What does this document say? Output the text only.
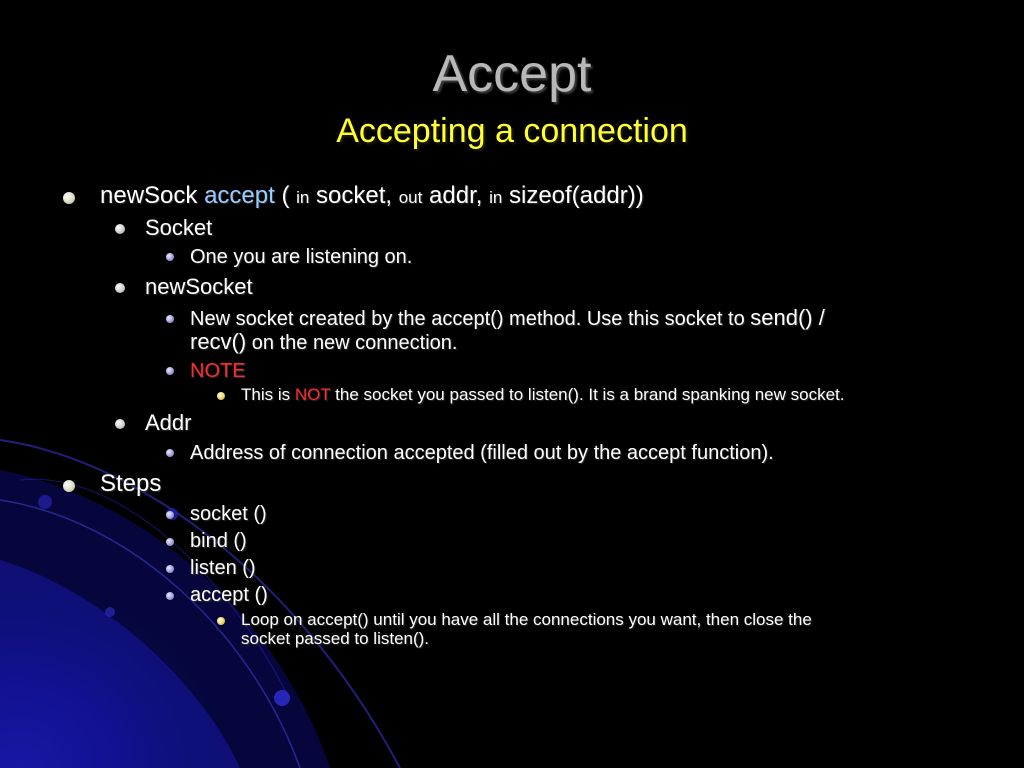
Accept
Accepting a connection
newSock accept ( in socket, out addr, in sizeof(addr))
Socket
One you are listening on.
newSocket
New socket created by the accept() method. Use this socket to send() /
recv() on the new connection.
NOTE
This is NOT the socket you passed to listen(). It is a brand spanking new socket.
Addr
Address of connection accepted (filled out by the accept function).
Steps
socket ()
bind ()
listen ()
accept ()
Loop on accept() until you have all the connections you want, then close the
socket passed to listen().
